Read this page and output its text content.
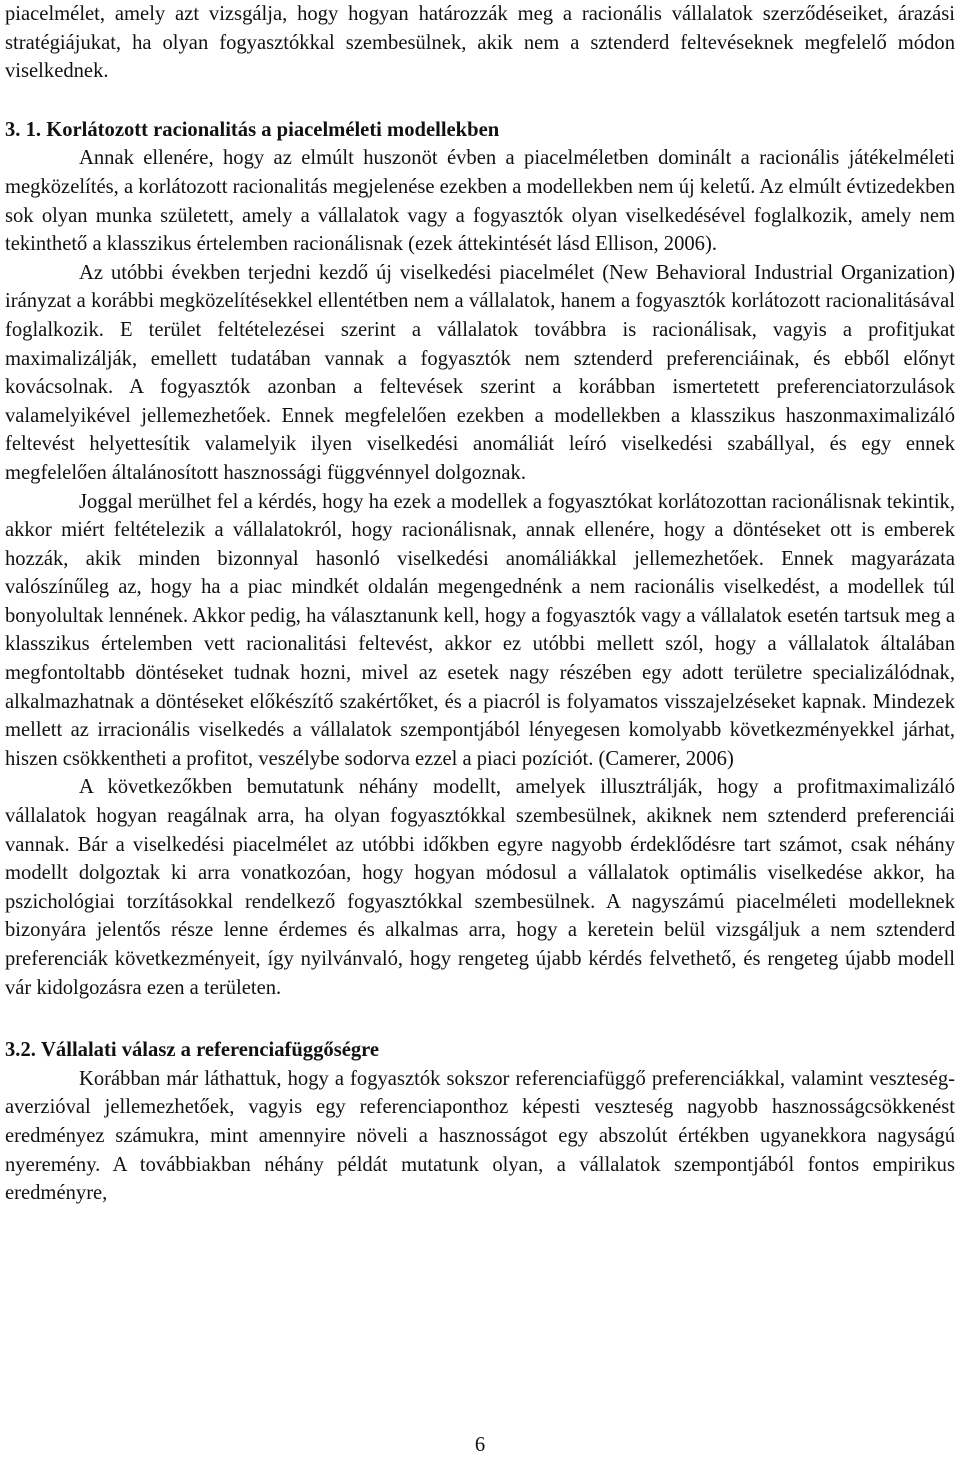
piacelmélet, amely azt vizsgálja, hogy hogyan határozzák meg a racionális vállalatok szerződéseiket, árazási stratégiájukat, ha olyan fogyasztókkal szembesülnek, akik nem a sztenderd feltevéseknek megfelelő módon viselkednek.

3. 1. Korlátozott racionalitás a piacelméleti modellekben

Annak ellenére, hogy az elmúlt huszonöt évben a piacelméletben dominált a racionális játékelméleti megközelítés, a korlátozott racionalitás megjelenése ezekben a modellekben nem új keletű. Az elmúlt évtizedekben sok olyan munka született, amely a vállalatok vagy a fogyasztók olyan viselkedésével foglalkozik, amely nem tekinthető a klasszikus értelemben racionálisnak (ezek áttekintését lásd Ellison, 2006).

Az utóbbi években terjedni kezdő új viselkedési piacelmélet (New Behavioral Industrial Organization) irányzat a korábbi megközelítésekkel ellentétben nem a vállalatok, hanem a fogyasztók korlátozott racionalitásával foglalkozik. E terület feltételezései szerint a vállalatok továbbra is racionálisak, vagyis a profitjukat maximalizálják, emellett tudatában vannak a fogyasztók nem sztenderd preferenciáinak, és ebből előnyt kovácsolnak. A fogyasztók azonban a feltevések szerint a korábban ismertetett preferenciatorzulások valamelyikével jellemezhetőek. Ennek megfelelően ezekben a modellekben a klasszikus haszonmaximalizáló feltevést helyettesítik valamelyik ilyen viselkedési anomáliát leíró viselkedési szabállyal, és egy ennek megfelelően általánosított hasznossági függvénnyel dolgoznak.

Joggal merülhet fel a kérdés, hogy ha ezek a modellek a fogyasztókat korlátozottan racionálisnak tekintik, akkor miért feltételezik a vállalatokról, hogy racionálisnak, annak ellenére, hogy a döntéseket ott is emberek hozzák, akik minden bizonnyal hasonló viselkedési anomáliákkal jellemezhetőek. Ennek magyarázata valószínűleg az, hogy ha a piac mindkét oldalán megengednénk a nem racionális viselkedést, a modellek túl bonyolultak lennének. Akkor pedig, ha választanunk kell, hogy a fogyasztók vagy a vállalatok esetén tartsuk meg a klasszikus értelemben vett racionalitási feltevést, akkor ez utóbbi mellett szól, hogy a vállalatok általában megfontoltabb döntéseket tudnak hozni, mivel az esetek nagy részében egy adott területre specializálódnak, alkalmazhatnak a döntéseket előkészítő szakértőket, és a piacról is folyamatos visszajelzéseket kapnak. Mindezek mellett az irracionális viselkedés a vállalatok szempontjából lényegesen komolyabb következményekkel járhat, hiszen csökkentheti a profitot, veszélybe sodorva ezzel a piaci pozíciót. (Camerer, 2006)

A következőkben bemutatunk néhány modellt, amelyek illusztrálják, hogy a profitmaximalizáló vállalatok hogyan reagálnak arra, ha olyan fogyasztókkal szembesülnek, akiknek nem sztenderd preferenciái vannak. Bár a viselkedési piacelmélet az utóbbi időkben egyre nagyobb érdeklődésre tart számot, csak néhány modellt dolgoztak ki arra vonatkozóan, hogy hogyan módosul a vállalatok optimális viselkedése akkor, ha pszichológiai torzításokkal rendelkező fogyasztókkal szembesülnek. A nagyszámú piacelméleti modelleknek bizonyára jelentős része lenne érdemes és alkalmas arra, hogy a keretein belül vizsgáljuk a nem sztenderd preferenciák következményeit, így nyilvánvaló, hogy rengeteg újabb kérdés felvethető, és rengeteg újabb modell vár kidolgozásra ezen a területen.

3.2. Vállalati válasz a referenciafüggőségre

Korábban már láthattuk, hogy a fogyasztók sokszor referenciafüggő preferenciákkal, valamint veszteség-averzióval jellemezhetőek, vagyis egy referenciaponthoz képesti veszteség nagyobb hasznosságcsökkenést eredményez számukra, mint amennyire növeli a hasznosságot egy abszolút értékben ugyanekkora nagyságú nyeremény. A továbbiakban néhány példát mutatunk olyan, a vállalatok szempontjából fontos empirikus eredményre,

6
